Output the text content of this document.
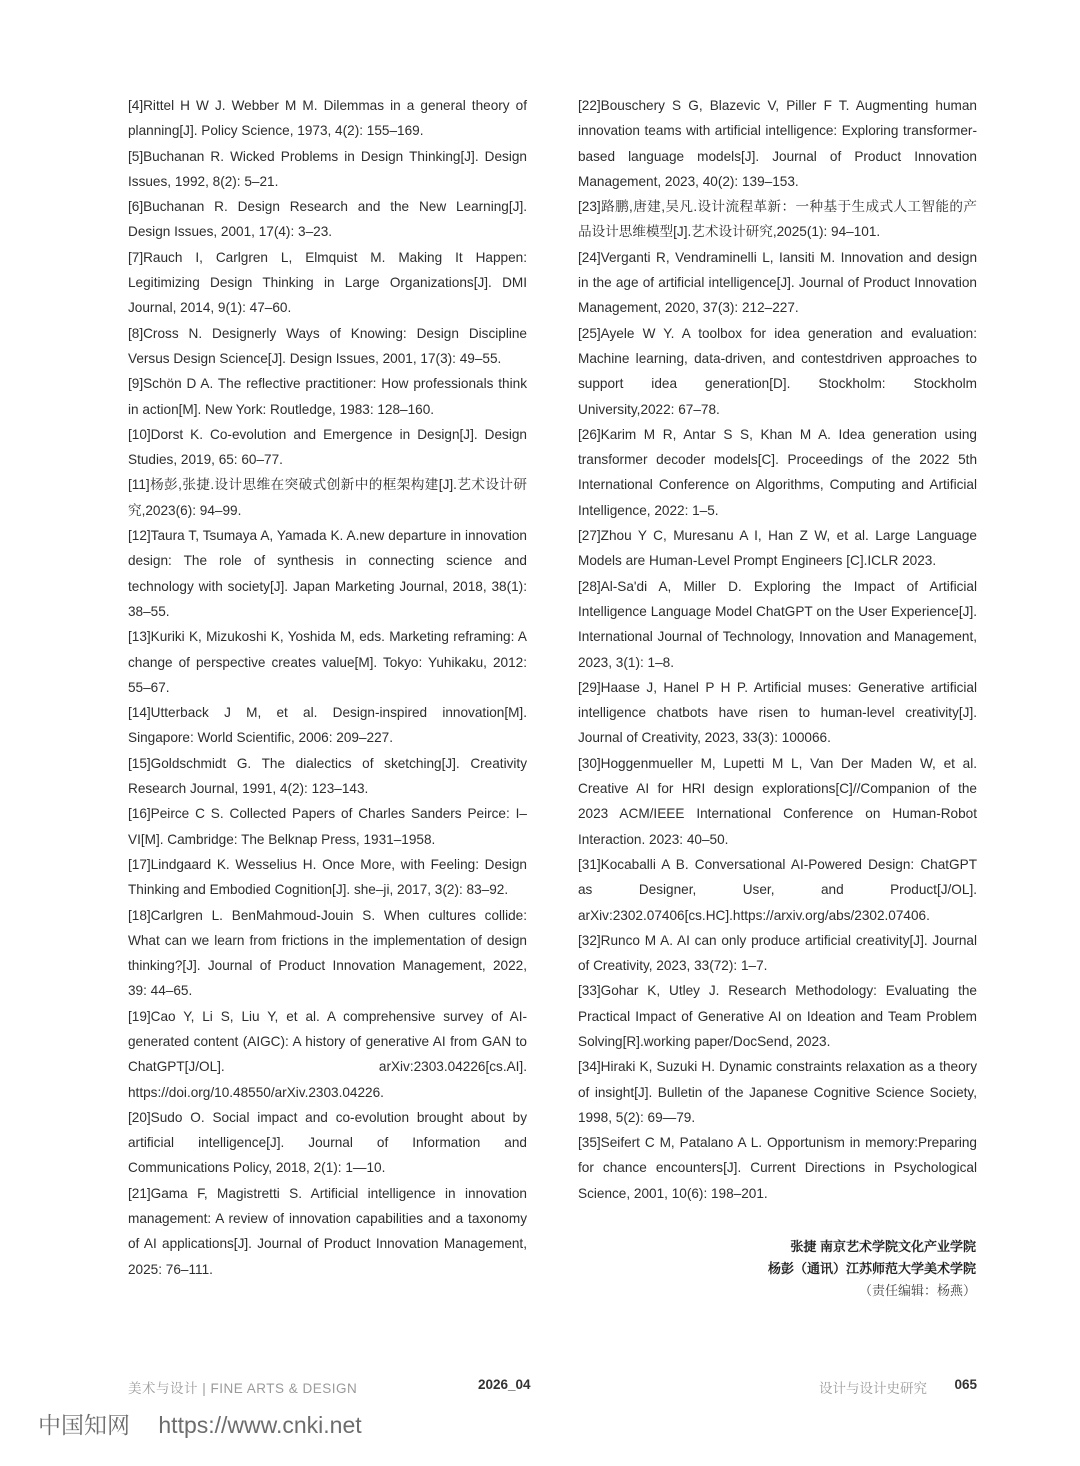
[4]Rittel H W J. Webber M M. Dilemmas in a general theory of planning[J]. Policy Science, 1973, 4(2): 155–169.

[5]Buchanan R. Wicked Problems in Design Thinking[J]. Design Issues, 1992, 8(2): 5–21.

[6]Buchanan R. Design Research and the New Learning[J]. Design Issues, 2001, 17(4): 3–23.

[7]Rauch I, Carlgren L, Elmquist M. Making It Happen: Legitimizing Design Thinking in Large Organizations[J]. DMI Journal, 2014, 9(1): 47–60.

[8]Cross N. Designerly Ways of Knowing: Design Discipline Versus Design Science[J]. Design Issues, 2001, 17(3): 49–55.

[9]Schön D A. The reflective practitioner: How professionals think in action[M]. New York: Routledge, 1983: 128–160.

[10]Dorst K. Co-evolution and Emergence in Design[J]. Design Studies, 2019, 65: 60–77.

[11]杨彭,张捷.设计思维在突破式创新中的框架构建[J].艺术设计研究,2023(6): 94–99.

[12]Taura T, Tsumaya A, Yamada K. A.new departure in innovation design: The role of synthesis in connecting science and technology with society[J]. Japan Marketing Journal, 2018, 38(1): 38–55.

[13]Kuriki K, Mizukoshi K, Yoshida M, eds. Marketing reframing: A change of perspective creates value[M]. Tokyo: Yuhikaku, 2012: 55–67.

[14]Utterback J M, et al. Design-inspired innovation[M]. Singapore: World Scientific, 2006: 209–227.

[15]Goldschmidt G. The dialectics of sketching[J]. Creativity Research Journal, 1991, 4(2): 123–143.

[16]Peirce C S. Collected Papers of Charles Sanders Peirce: I–VI[M]. Cambridge: The Belknap Press, 1931–1958.

[17]Lindgaard K. Wesselius H. Once More, with Feeling: Design Thinking and Embodied Cognition[J]. she–ji, 2017, 3(2): 83–92.

[18]Carlgren L. BenMahmoud-Jouin S. When cultures collide: What can we learn from frictions in the implementation of design thinking?[J]. Journal of Product Innovation Management, 2022, 39: 44–65.

[19]Cao Y, Li S, Liu Y, et al. A comprehensive survey of AI-generated content (AIGC): A history of generative AI from GAN to ChatGPT[J/OL]. arXiv:2303.04226[cs.AI]. https://doi.org/10.48550/arXiv.2303.04226.

[20]Sudo O. Social impact and co-evolution brought about by artificial intelligence[J]. Journal of Information and Communications Policy, 2018, 2(1): 1—10.

[21]Gama F, Magistretti S. Artificial intelligence in innovation management: A review of innovation capabilities and a taxonomy of AI applications[J]. Journal of Product Innovation Management, 2025: 76–111.

[22]Bouschery S G, Blazevic V, Piller F T. Augmenting human innovation teams with artificial intelligence: Exploring transformer-based language models[J]. Journal of Product Innovation Management, 2023, 40(2): 139–153.

[23]路鹏,唐建,吴凡.设计流程革新：一种基于生成式人工智能的产品设计思维模型[J].艺术设计研究,2025(1): 94–101.

[24]Verganti R, Vendraminelli L, Iansiti M. Innovation and design in the age of artificial intelligence[J]. Journal of Product Innovation Management, 2020, 37(3): 212–227.

[25]Ayele W Y. A toolbox for idea generation and evaluation: Machine learning, data-driven, and contestdriven approaches to support idea generation[D]. Stockholm: Stockholm University,2022: 67–78.

[26]Karim M R, Antar S S, Khan M A. Idea generation using transformer decoder models[C]. Proceedings of the 2022 5th International Conference on Algorithms, Computing and Artificial Intelligence, 2022: 1–5.

[27]Zhou Y C, Muresanu A I, Han Z W, et al. Large Language Models are Human-Level Prompt Engineers [C].ICLR 2023.

[28]Al-Sa'di A, Miller D. Exploring the Impact of Artificial Intelligence Language Model ChatGPT on the User Experience[J]. International Journal of Technology, Innovation and Management, 2023, 3(1): 1–8.

[29]Haase J, Hanel P H P. Artificial muses: Generative artificial intelligence chatbots have risen to human-level creativity[J]. Journal of Creativity, 2023, 33(3): 100066.

[30]Hoggenmueller M, Lupetti M L, Van Der Maden W, et al. Creative AI for HRI design explorations[C]//Companion of the 2023 ACM/IEEE International Conference on Human-Robot Interaction. 2023: 40–50.

[31]Kocaballi A B. Conversational AI-Powered Design: ChatGPT as Designer, User, and Product[J/OL]. arXiv:2302.07406[cs.HC].https://arxiv.org/abs/2302.07406.

[32]Runco M A. AI can only produce artificial creativity[J]. Journal of Creativity, 2023, 33(72): 1–7.

[33]Gohar K, Utley J. Research Methodology: Evaluating the Practical Impact of Generative AI on Ideation and Team Problem Solving[R].working paper/DocSend, 2023.

[34]Hiraki K, Suzuki H. Dynamic constraints relaxation as a theory of insight[J]. Bulletin of the Japanese Cognitive Science Society, 1998, 5(2): 69—79.

[35]Seifert C M, Patalano A L. Opportunism in memory:Preparing for chance encounters[J]. Current Directions in Psychological Science, 2001, 10(6): 198–201.

张捷 南京艺术学院文化产业学院
杨彭（通讯）江苏师范大学美术学院
（责任编辑：杨燕）
美术与设计 | FINE ARTS & DESIGN	2026_04	设计与设计史研究 065
中国知网 https://www.cnki.net
